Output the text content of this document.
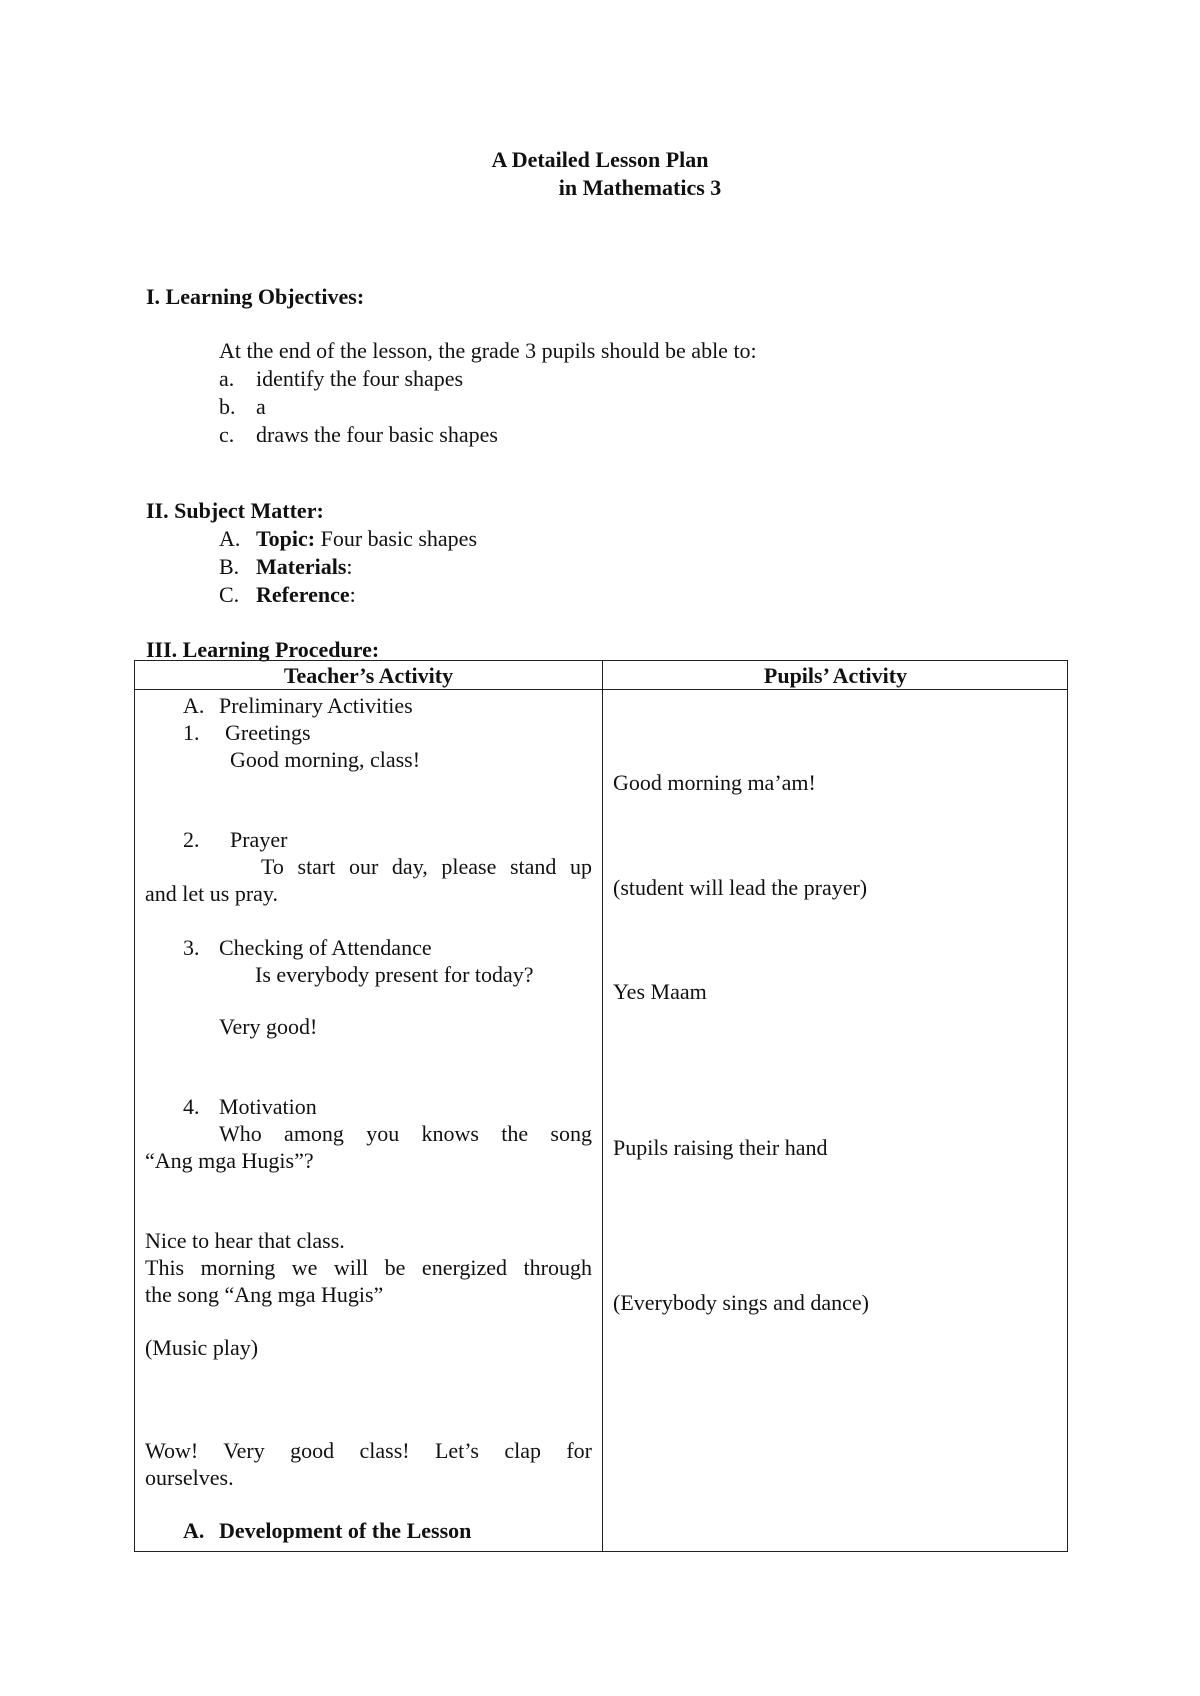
A Detailed Lesson Plan
in Mathematics 3
I. Learning Objectives:
At the end of the lesson, the grade 3 pupils should be able to:
a. identify the four shapes
b. a
c. draws the four basic shapes
II. Subject Matter:
A. Topic: Four basic shapes
B. Materials:
C. Reference:
III. Learning Procedure:
Teacher’s Activity	Pupils’ Activity
A. Preliminary Activities
1. Greetings
Good morning, class!
2. Prayer
To start our day, please stand up
and let us pray.
3. Checking of Attendance
Is everybody present for today?
Very good!
4. Motivation
Who among you knows the song
“Ang mga Hugis”?
Nice to hear that class.
This morning we will be energized through
the song “Ang mga Hugis”
(Music play)
Wow! Very good class! Let’s clap for
ourselves.
A. Development of the Lesson
Good morning ma’am!
(student will lead the prayer)
Yes Maam
Pupils raising their hand
(Everybody sings and dance)
